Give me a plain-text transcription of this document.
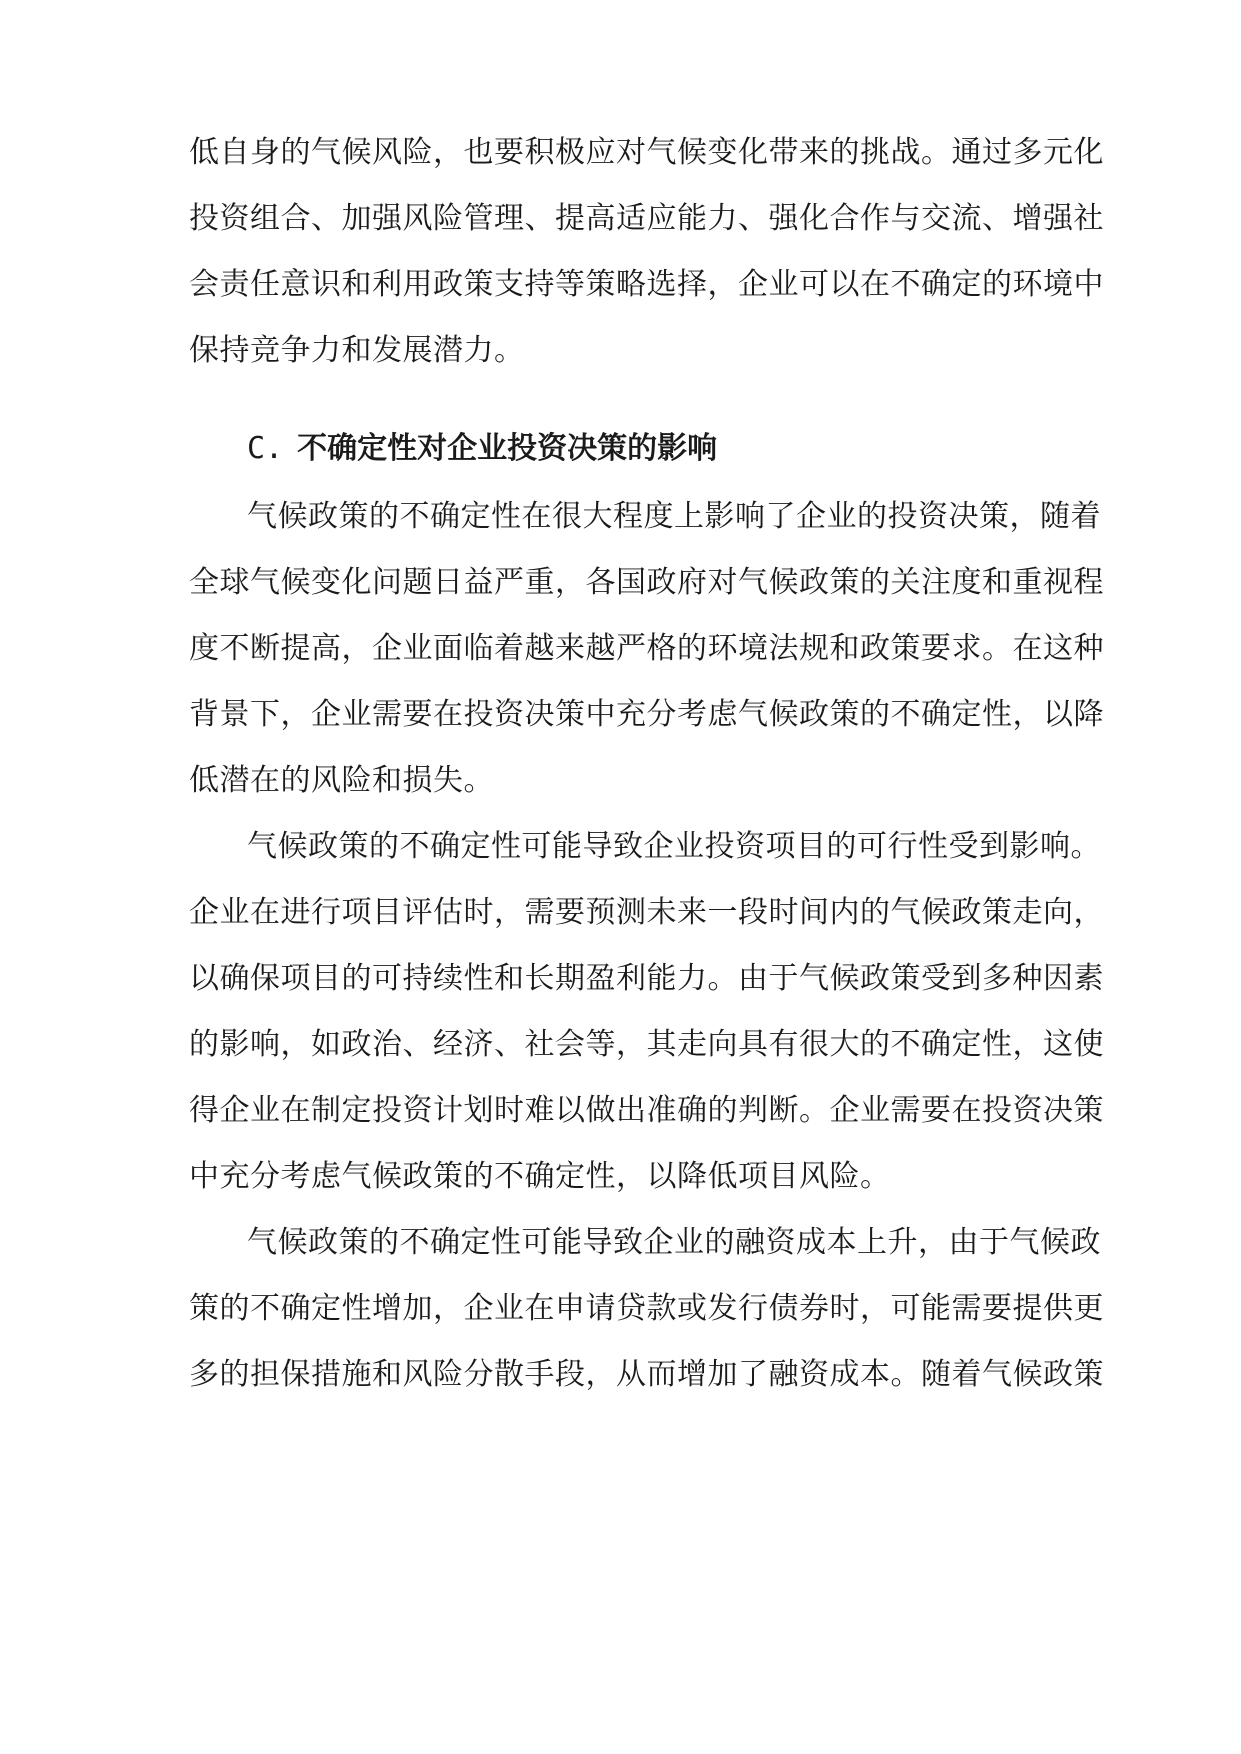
低自身的气候风险，也要积极应对气候变化带来的挑战。通过多元化
投资组合、加强风险管理、提高适应能力、强化合作与交流、增强社
会责任意识和利用政策支持等策略选择，企业可以在不确定的环境中
保持竞争力和发展潜力。
C. 不确定性对企业投资决策的影响
气候政策的不确定性在很大程度上影响了企业的投资决策，随着
全球气候变化问题日益严重，各国政府对气候政策的关注度和重视程
度不断提高，企业面临着越来越严格的环境法规和政策要求。在这种
背景下，企业需要在投资决策中充分考虑气候政策的不确定性，以降
低潜在的风险和损失。
气候政策的不确定性可能导致企业投资项目的可行性受到影响。
企业在进行项目评估时，需要预测未来一段时间内的气候政策走向，
以确保项目的可持续性和长期盈利能力。由于气候政策受到多种因素
的影响，如政治、经济、社会等，其走向具有很大的不确定性，这使
得企业在制定投资计划时难以做出准确的判断。企业需要在投资决策
中充分考虑气候政策的不确定性，以降低项目风险。
气候政策的不确定性可能导致企业的融资成本上升，由于气候政
策的不确定性增加，企业在申请贷款或发行债券时，可能需要提供更
多的担保措施和风险分散手段，从而增加了融资成本。随着气候政策
